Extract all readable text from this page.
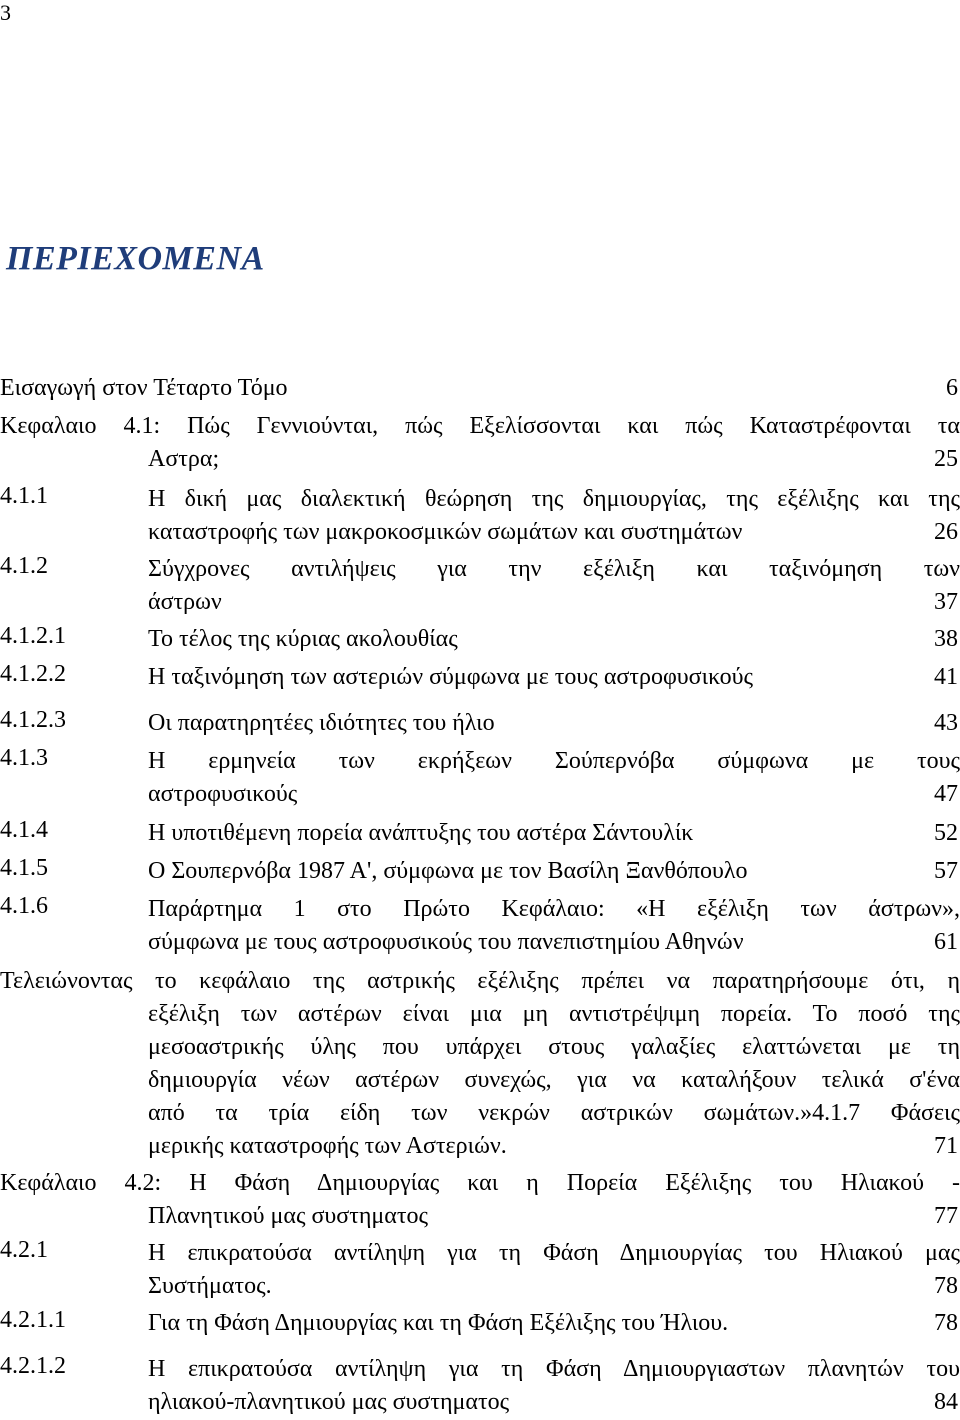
3
ΠΕΡΙΕΧΟΜΕΝΑ
Εισαγωγή στον Τέταρτο Τόμο	6
Κεφαλαιο 4.1: Πώς Γεννιούνται, πώς Εξελίσσονται και πώς Καταστρέφονται τα
Αστρα;	25
4.1.1	Η δική μας διαλεκτική θεώρηση της δημιουργίας, της εξέλιξης και της
καταστροφής των μακροκοσμικών σωμάτων και συστημάτων	26
4.1.2	Σύγχρονες αντιλήψεις για την εξέλιξη και ταξινόμηση των
άστρων	37
4.1.2.1	Το τέλος της κύριας ακολουθίας	38
4.1.2.2	Η ταξινόμηση των αστεριών σύμφωνα με τους αστροφυσικούς	41
4.1.2.3	Οι παρατηρητέες ιδιότητες του ήλιο	43
4.1.3	Η ερμηνεία των εκρήξεων Σούπερνόβα σύμφωνα με τους
αστροφυσικούς	47
4.1.4	Η υποτιθέμενη πορεία ανάπτυξης του αστέρα Σάντουλίκ	52
4.1.5	Ο Σουπερνόβα 1987 Α', σύμφωνα με τον Βασίλη Ξανθόπουλο	57
4.1.6	Παράρτημα 1 στο Πρώτο Κεφάλαιο: «Η εξέλιξη των άστρων»,
σύμφωνα με τους αστροφυσικούς του πανεπιστημίου Αθηνών	61
Τελειώνοντας το κεφάλαιο της αστρικής εξέλιξης πρέπει να παρατηρήσουμε ότι, η
εξέλιξη των αστέρων είναι μια μη αντιστρέψιμη πορεία. Το ποσό της
μεσοαστρικής ύλης που υπάρχει στους γαλαξίες ελαττώνεται με τη
δημιουργία νέων αστέρων συνεχώς, για να καταλήξουν τελικά σ'ένα
από τα τρία είδη των νεκρών αστρικών σωμάτων.»4.1.7 Φάσεις
μερικής καταστροφής των Αστεριών.	71
Κεφάλαιο 4.2: Η Φάση Δημιουργίας και η Πορεία Εξέλιξης του Ηλιακού -
Πλανητικού μας συστηματος	77
4.2.1	Η επικρατούσα αντίληψη για τη Φάση Δημιουργίας του Ηλιακού μας
Συστήματος.	78
4.2.1.1	Για τη Φάση Δημιουργίας και τη Φάση Εξέλιξης του Ήλιου.	78
4.2.1.2	Η επικρατούσα αντίληψη για τη Φάση Δημιουργιαστων πλανητών του
ηλιακού-πλανητικού μας συστηματος	84
